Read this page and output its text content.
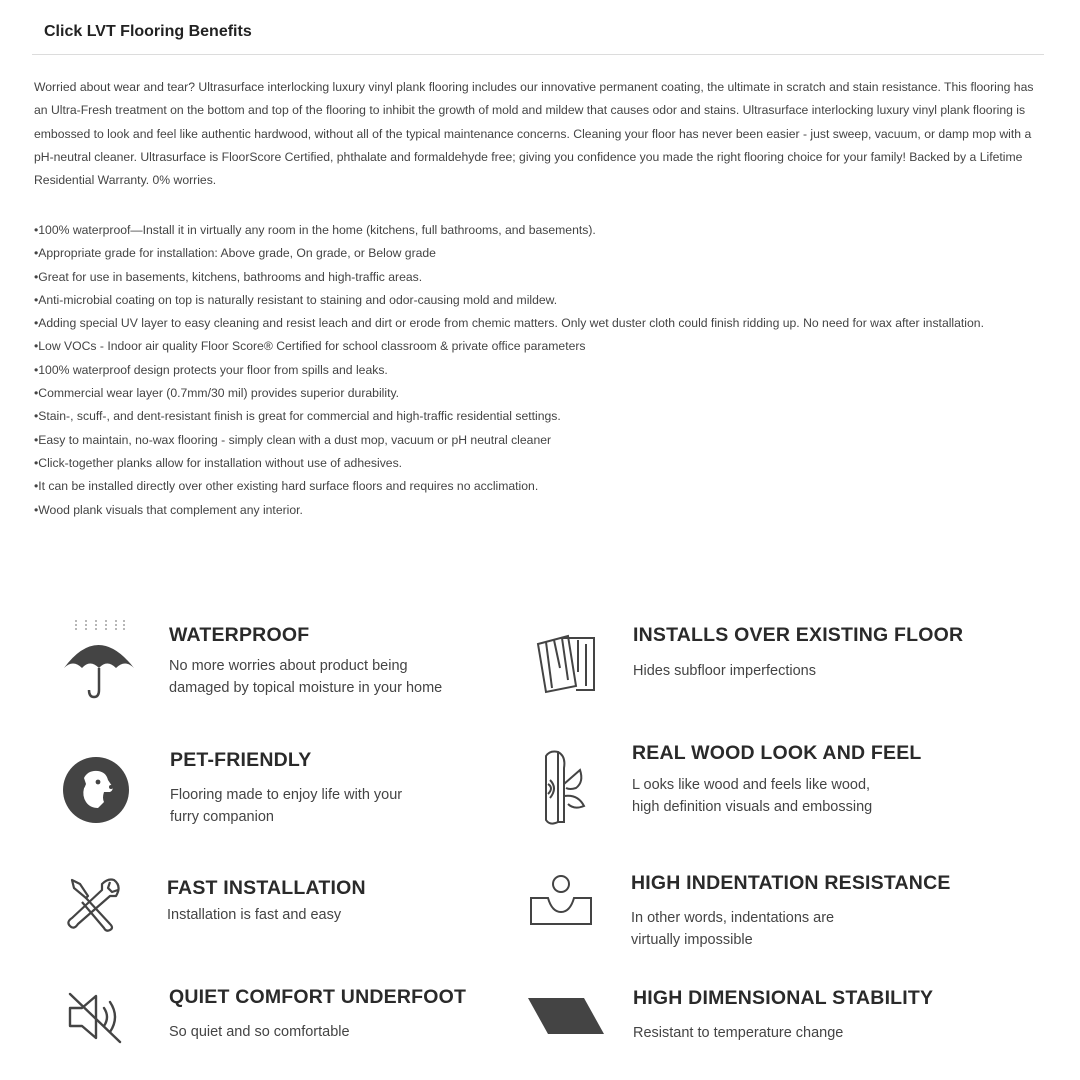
Click LVT Flooring Benefits

Worried about wear and tear? Ultrasurface interlocking luxury vinyl plank flooring includes our innovative permanent coating, the ultimate in scratch and stain resistance. This flooring has an Ultra-Fresh treatment on the bottom and top of the flooring to inhibit the growth of mold and mildew that causes odor and stains. Ultrasurface interlocking luxury vinyl plank flooring is embossed to look and feel like authentic hardwood, without all of the typical maintenance concerns. Cleaning your floor has never been easier - just sweep, vacuum, or damp mop with a pH-neutral cleaner. Ultrasurface is FloorScore Certified, phthalate and formaldehyde free; giving you confidence you made the right flooring choice for your family! Backed by a Lifetime Residential Warranty. 0% worries.

•100% waterproof—Install it in virtually any room in the home (kitchens, full bathrooms, and basements).
•Appropriate grade for installation: Above grade, On grade, or Below grade
•Great for use in basements, kitchens, bathrooms and high-traffic areas.
•Anti-microbial coating on top is naturally resistant to staining and odor-causing mold and mildew.
•Adding special UV layer to easy cleaning and resist leach and dirt or erode from chemic matters. Only wet duster cloth could finish ridding up. No need for wax after installation.
•Low VOCs - Indoor air quality Floor Score® Certified for school classroom & private office parameters
•100% waterproof design protects your floor from spills and leaks.
•Commercial wear layer (0.7mm/30 mil) provides superior durability.
•Stain-, scuff-, and dent-resistant finish is great for commercial and high-traffic residential settings.
•Easy to maintain, no-wax flooring - simply clean with a dust mop, vacuum or pH neutral cleaner
•Click-together planks allow for installation without use of adhesives.
•It can be installed directly over other existing hard surface floors and requires no acclimation.
•Wood plank visuals that complement any interior.
WATERPROOF
No more worries about product being
damaged by topical moisture in your home
INSTALLS OVER EXISTING FLOOR
Hides subfloor imperfections
PET-FRIENDLY
Flooring made to enjoy life with your
furry companion
REAL WOOD LOOK AND FEEL
L ooks like wood and feels like wood,
high definition visuals and embossing
FAST INSTALLATION
Installation is fast and easy
HIGH INDENTATION RESISTANCE
In other words, indentations are
virtually impossible
QUIET COMFORT UNDERFOOT
So quiet and so comfortable
HIGH DIMENSIONAL STABILITY
Resistant to temperature change
